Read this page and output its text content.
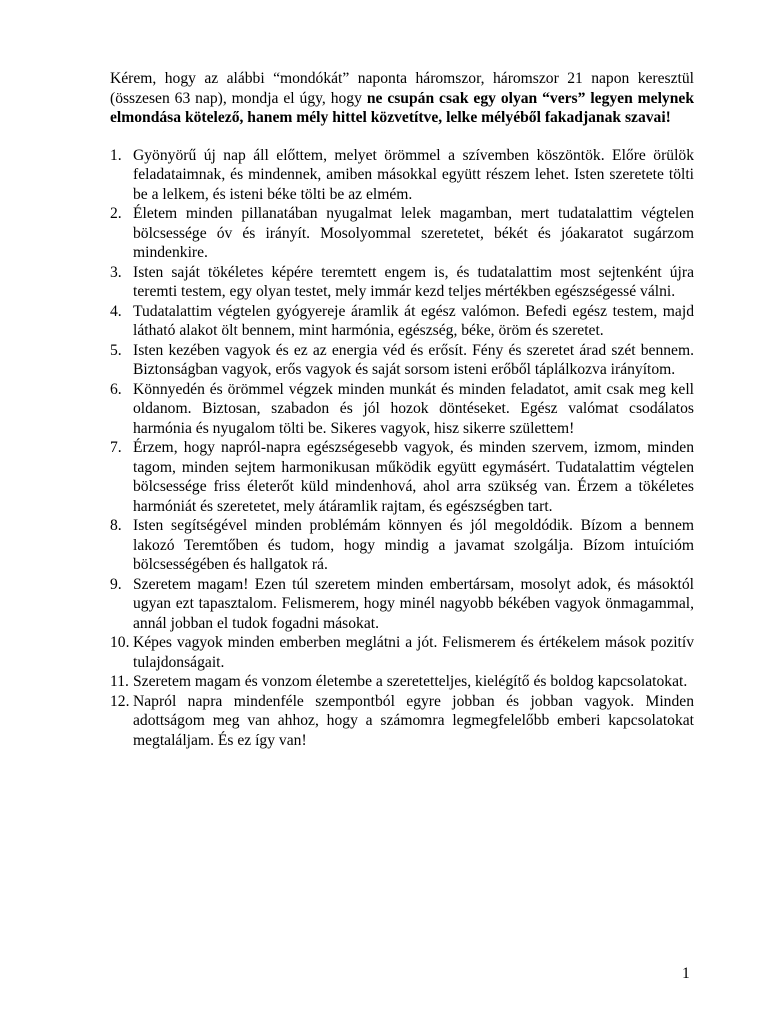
Kérem, hogy az alábbi “mondókát” naponta háromszor, háromszor 21 napon keresztül (összesen 63 nap), mondja el úgy, hogy ne csupán csak egy olyan “vers” legyen melynek elmondása kötelező, hanem mély hittel közvetítve, lelke mélyéből fakadjanak szavai!

1. Gyönyörű új nap áll előttem, melyet örömmel a szívemben köszöntök. Előre örülök feladataimnak, és mindennek, amiben másokkal együtt részem lehet. Isten szeretete tölti be a lelkem, és isteni béke tölti be az elmém.
2. Életem minden pillanatában nyugalmat lelek magamban, mert tudatalattim végtelen bölcsessége óv és irányít. Mosolyommal szeretetet, békét és jóakaratot sugárzom mindenkire.
3. Isten saját tökéletes képére teremtett engem is, és tudatalattim most sejtenként újra teremti testem, egy olyan testet, mely immár kezd teljes mértékben egészségessé válni.
4. Tudatalattim végtelen gyógyereje áramlik át egész valómon. Befedi egész testem, majd látható alakot ölt bennem, mint harmónia, egészség, béke, öröm és szeretet.
5. Isten kezében vagyok és ez az energia véd és erősít. Fény és szeretet árad szét bennem. Biztonságban vagyok, erős vagyok és saját sorsom isteni erőből táplálkozva irányítom.
6. Könnyedén és örömmel végzek minden munkát és minden feladatot, amit csak meg kell oldanom. Biztosan, szabadon és jól hozok döntéseket. Egész valómat csodálatos harmónia és nyugalom tölti be. Sikeres vagyok, hisz sikerre születtem!
7. Érzem, hogy napról-napra egészségesebb vagyok, és minden szervem, izmom, minden tagom, minden sejtem harmonikusan működik együtt egymásért. Tudatalattim végtelen bölcsessége friss életerőt küld mindenhová, ahol arra szükség van. Érzem a tökéletes harmóniát és szeretetet, mely átáramlik rajtam, és egészségben tart.
8. Isten segítségével minden problémám könnyen és jól megoldódik. Bízom a bennem lakozó Teremtőben és tudom, hogy mindig a javamat szolgálja. Bízom intuícióm bölcsességében és hallgatok rá.
9. Szeretem magam! Ezen túl szeretem minden embertársam, mosolyt adok, és másoktól ugyan ezt tapasztalom. Felismerem, hogy minél nagyobb békében vagyok önmagammal, annál jobban el tudok fogadni másokat.
10. Képes vagyok minden emberben meglátni a jót. Felismerem és értékelem mások pozitív tulajdonságait.
11. Szeretem magam és vonzom életembe a szeretetteljes, kielégítő és boldog kapcsolatokat.
12. Napról napra mindenféle szempontból egyre jobban és jobban vagyok. Minden adottságom meg van ahhoz, hogy a számomra legmegfelelőbb emberi kapcsolatokat megtaláljam. És ez így van!
1
